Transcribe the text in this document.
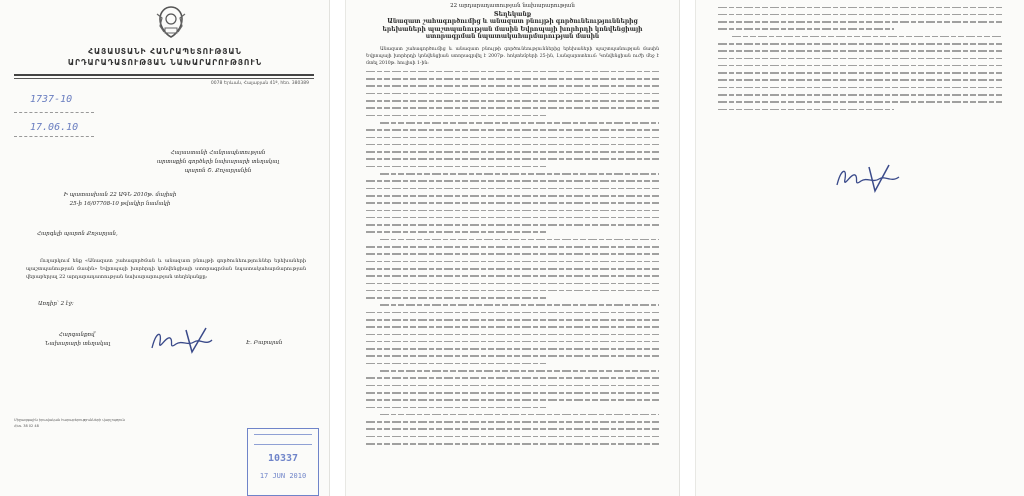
ՀԱՅԱՍՏԱՆԻ ՀԱՆՐԱՊԵՏՈՒԹՅԱՆ
ԱՐԴԱՐԱԴԱՏՈՒԹՅԱՆ ՆԱԽԱՐԱՐՈՒԹՅՈՒՆ
0078 Երևան, Հալաբյան 41ª, հեռ. 380389
1737-10
17.06.10
Հայաստանի Հանրապետության
արտաքին գործերի նախարարի տեղակալ
պարոն Շ. Քոչարյանին
Ի պատասխան 22 ԱԳՆ 2010թ. մայիսի
25-ի 16/07708-10 թվակիր նամակի
Հարգելի պարոն Քոչարյան,
Ուղարկում ենք «Անազատ շահագործման և անազատ բնույթի գործունեություններ երեխաների պաշտպանության մասին» Եվրոպայի խորհրդի կոնվենցիայի ստորագրման նպատակահարմարության վերաբերյալ 22 արդարադատության նախարարության տեղեկանքը:
Առդիր՝ 2 էջ:
Հարգանքով՝
Նախարարի տեղակալ	Է. Բաբայան
Միջազգային իրավական հարաբերությունների վարչություն
Հեռ. 38 02 48
10337
17 JUN 2010
22 արդարադատության նախարարության
Տեղեկանք
Անազատ շահագործումից և անազատ բնույթի գործունեություններից
երեխաների պաշտպանության մասին Եվրոպայի խորհրդի կոնվենցիայի
ստորագրման նպատակահարմարության մասին
Անազատ շահագործումից և անազատ բնույթի գործունեություններից երեխաների պաշտպանության մասին Եվրոպայի խորհրդի կոնվենցիան ստորագրվել է 2007թ. հոկտեմբերի 25-ին, Լանզարոտեում: Կոնվենցիան ուժի մեջ է մտել 2010թ. հուլիսի 1-ին:
